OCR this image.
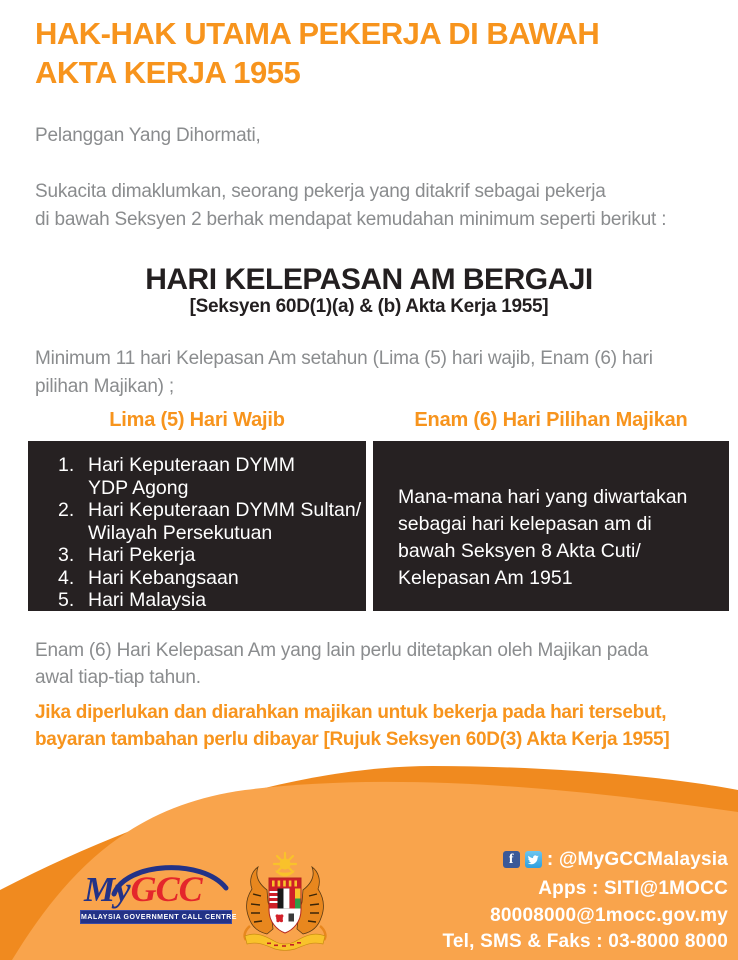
HAK-HAK UTAMA PEKERJA DI BAWAH
AKTA KERJA 1955
Pelanggan Yang Dihormati,
Sukacita dimaklumkan, seorang pekerja yang ditakrif sebagai pekerja
di bawah Seksyen 2 berhak mendapat kemudahan minimum seperti berikut :
HARI KELEPASAN AM BERGAJI
[Seksyen 60D(1)(a) & (b) Akta Kerja 1955]
Minimum 11 hari Kelepasan Am setahun (Lima (5) hari wajib, Enam (6) hari
pilihan Majikan) ;
Lima (5) Hari Wajib	Enam (6) Hari Pilihan Majikan
1. Hari Keputeraan DYMM
YDP Agong
2. Hari Keputeraan DYMM Sultan/
Wilayah Persekutuan
3. Hari Pekerja
4. Hari Kebangsaan
5. Hari Malaysia
Mana-mana hari yang diwartakan
sebagai hari kelepasan am di
bawah Seksyen 8 Akta Cuti/
Kelepasan Am 1951
Enam (6) Hari Kelepasan Am yang lain perlu ditetapkan oleh Majikan pada
awal tiap-tiap tahun.
Jika diperlukan dan diarahkan majikan untuk bekerja pada hari tersebut,
bayaran tambahan perlu dibayar [Rujuk Seksyen 60D(3) Akta Kerja 1955]
MyGCC
MALAYSIA GOVERNMENT CALL CENTRE
f	: @MyGCCMalaysia
Apps : SITI@1MOCC
80008000@1mocc.gov.my
Tel, SMS & Faks : 03-8000 8000
